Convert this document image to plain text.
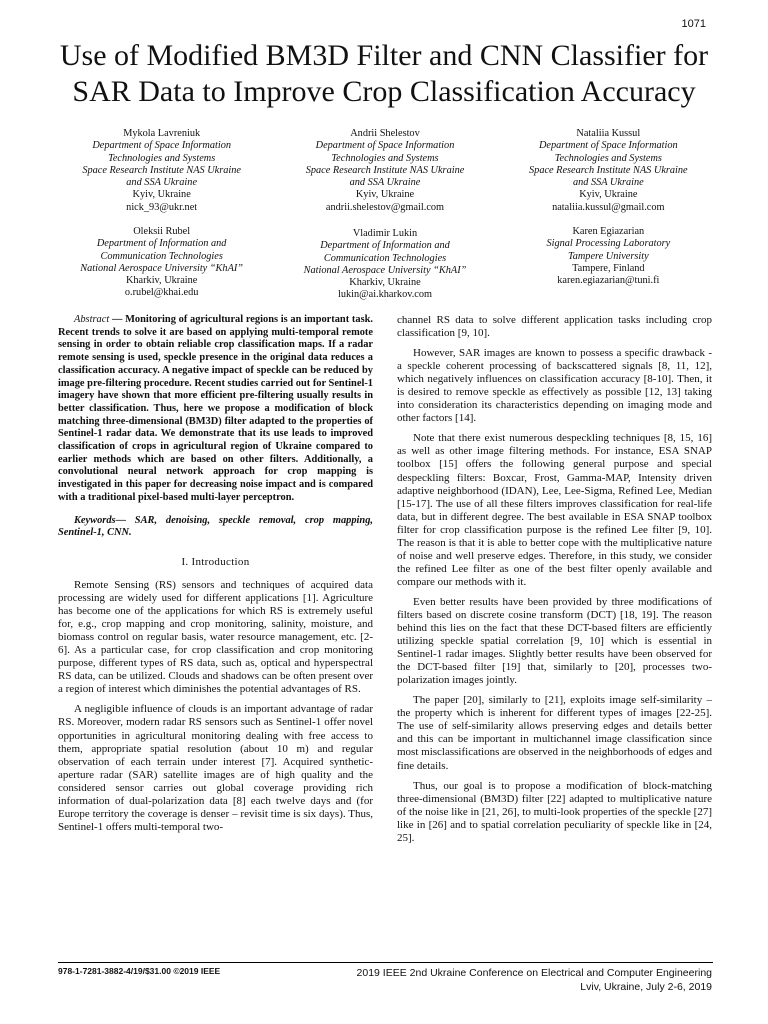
1071
Use of Modified BM3D Filter and CNN Classifier for
SAR Data to Improve Crop Classification Accuracy
Mykola Lavreniuk
Department of Space Information
Technologies and Systems
Space Research Institute NAS Ukraine
and SSA Ukraine
Kyiv, Ukraine
nick_93@ukr.net
Andrii Shelestov
Department of Space Information
Technologies and Systems
Space Research Institute NAS Ukraine
and SSA Ukraine
Kyiv, Ukraine
andrii.shelestov@gmail.com
Nataliia Kussul
Department of Space Information
Technologies and Systems
Space Research Institute NAS Ukraine
and SSA Ukraine
Kyiv, Ukraine
nataliia.kussul@gmail.com
Oleksii Rubel
Department of Information and
Communication Technologies
National Aerospace University “KhAI”
Kharkiv, Ukraine
o.rubel@khai.edu
Vladimir Lukin
Department of Information and
Communication Technologies
National Aerospace University “KhAI”
Kharkiv, Ukraine
lukin@ai.kharkov.com
Karen Egiazarian
Signal Processing Laboratory
Tampere University
Tampere, Finland
karen.egiazarian@tuni.fi
Abstract — Monitoring of agricultural regions is an important task. Recent trends to solve it are based on applying multi-temporal remote sensing in order to obtain reliable crop classification maps. If a radar remote sensing is used, speckle presence in the original data reduces a classification accuracy. A negative impact of speckle can be reduced by image pre-filtering procedure. Recent studies carried out for Sentinel-1 imagery have shown that more efficient pre-filtering usually results in better classification. Thus, here we propose a modification of block matching three-dimensional (BM3D) filter adapted to the properties of Sentinel-1 radar data. We demonstrate that its use leads to improved classification of crops in agricultural region of Ukraine compared to earlier methods which are based on other filters. Additionally, a convolutional neural network approach for crop mapping is investigated in this paper for decreasing noise impact and is compared with a traditional pixel-based multi-layer perceptron.
Keywords— SAR, denoising, speckle removal, crop mapping, Sentinel-1, CNN.
I. Introduction

Remote Sensing (RS) sensors and techniques of acquired data processing are widely used for different applications [1]. Agriculture has become one of the applications for which RS is extremely useful for, e.g., crop mapping and crop monitoring, salinity, moisture, and biomass control on regular basis, water resource management, etc. [2-6]. As a particular case, for crop classification and crop monitoring purpose, different types of RS data, such as, optical and hyperspectral RS data, can be utilized. Clouds and shadows can be often present over a region of interest which diminishes the potential advantages of RS.

A negligible influence of clouds is an important advantage of radar RS. Moreover, modern radar RS sensors such as Sentinel-1 offer novel opportunities in agricultural monitoring dealing with free access to them, appropriate spatial resolution (about 10 m) and regular observation of each terrain under interest [7]. Acquired synthetic-aperture radar (SAR) satellite images are of high quality and the considered sensor carries out global coverage providing rich information of dual-polarization data [8] each twelve days and (for Europe territory the coverage is denser – revisit time is six days). Thus, Sentinel-1 offers multi-temporal two-

channel RS data to solve different application tasks including crop classification [9, 10].

However, SAR images are known to possess a specific drawback - a speckle coherent processing of backscattered signals [8, 11, 12], which negatively influences on classification accuracy [8-10]. Then, it is desired to remove speckle as effectively as possible [12, 13] taking into consideration its characteristics depending on imaging mode and other factors [14].

Note that there exist numerous despeckling techniques [8, 15, 16] as well as other image filtering methods. For instance, ESA SNAP toolbox [15] offers the following general purpose and special despeckling filters: Boxcar, Frost, Gamma-MAP, Intensity driven adaptive neighborhood (IDAN), Lee, Lee-Sigma, Refined Lee, Median [15-17]. The use of all these filters improves classification for real-life data, but in different degree. The best available in ESA SNAP toolbox filter for crop classification purpose is the refined Lee filter [9, 10]. The reason is that it is able to better cope with the multiplicative nature of noise and well preserve edges. Therefore, in this study, we consider the refined Lee filter as one of the best filter openly available and compare our methods with it.

Even better results have been provided by three modifications of filters based on discrete cosine transform (DCT) [18, 19]. The reason behind this lies on the fact that these DCT-based filters are efficiently utilizing speckle spatial correlation [9, 10] which is essential in Sentinel-1 radar images. Slightly better results have been observed for the DCT-based filter [19] that, similarly to [20], processes two-polarization images jointly.

The paper [20], similarly to [21], exploits image self-similarity – the property which is inherent for different types of images [22-25]. The use of self-similarity allows preserving edges and details better and this can be important in multichannel image classification since most misclassifications are observed in the neighborhoods of edges and fine details.

Thus, our goal is to propose a modification of block-matching three-dimensional (BM3D) filter [22] adapted to multiplicative nature of the noise like in [21, 26], to multi-look properties of the speckle [27] like in [26] and to spatial correlation peculiarity of speckle like in [24, 25].

978-1-7281-3882-4/19/$31.00 ©2019 IEEE	2019 IEEE 2nd Ukraine Conference on Electrical and Computer Engineering
Lviv, Ukraine, July 2-6, 2019
